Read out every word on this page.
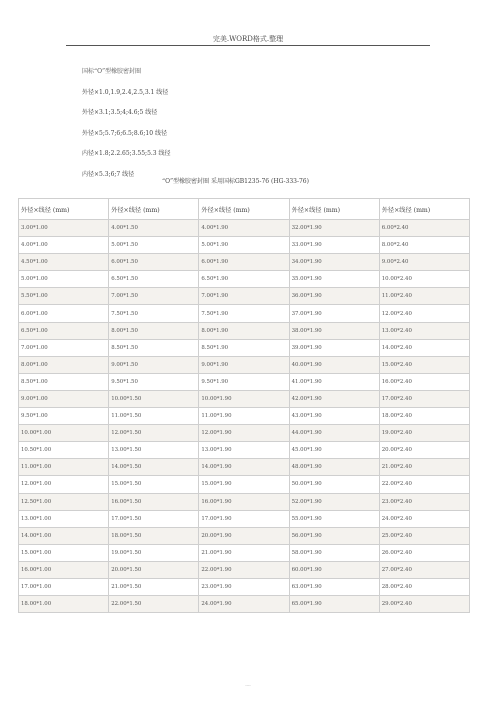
完美.WORD格式.整理
国标“O”型橡胶密封圈
外径×1.0,1.9,2.4,2.5,3.1 线径
外径×3.1;3.5;4;4.6;5 线径
外径×5;5.7;6;6.5;8.6;10 线径
内径×1.8;2.2.65;3.55;5.3 线径
内径×5.3;6;7 线径
“O”型橡胶密封圈 采用国标GB1235-76 (HG-333-76)
外径×线径 (mm)	外径×线径 (mm)	外径×线径 (mm)	外径×线径 (mm)	外径×线径 (mm)
3.00*1.00	4.00*1.50	4.00*1.90	32.00*1.90	6.00*2.40
4.00*1.00	5.00*1.50	5.00*1.90	33.00*1.90	8.00*2.40
4.50*1.00	6.00*1.50	6.00*1.90	34.00*1.90	9.00*2.40
5.00*1.00	6.50*1.50	6.50*1.90	35.00*1.90	10.00*2.40
5.50*1.00	7.00*1.50	7.00*1.90	36.00*1.90	11.00*2.40
6.00*1.00	7.50*1.50	7.50*1.90	37.00*1.90	12.00*2.40
6.50*1.00	8.00*1.50	8.00*1.90	38.00*1.90	13.00*2.40
7.00*1.00	8.50*1.50	8.50*1.90	39.00*1.90	14.00*2.40
8.00*1.00	9.00*1.50	9.00*1.90	40.00*1.90	15.00*2.40
8.50*1.00	9.50*1.50	9.50*1.90	41.00*1.90	16.00*2.40
9.00*1.00	10.00*1.50	10.00*1.90	42.00*1.90	17.00*2.40
9.50*1.00	11.00*1.50	11.00*1.90	43.00*1.90	18.00*2.40
10.00*1.00	12.00*1.50	12.00*1.90	44.00*1.90	19.00*2.40
10.50*1.00	13.00*1.50	13.00*1.90	45.00*1.90	20.00*2.40
11.00*1.00	14.00*1.50	14.00*1.90	48.00*1.90	21.00*2.40
12.00*1.00	15.00*1.50	15.00*1.90	50.00*1.90	22.00*2.40
12.50*1.00	16.00*1.50	16.00*1.90	52.00*1.90	23.00*2.40
13.00*1.00	17.00*1.50	17.00*1.90	55.00*1.90	24.00*2.40
14.00*1.00	18.00*1.50	20.00*1.90	56.00*1.90	25.00*2.40
15.00*1.00	19.00*1.50	21.00*1.90	58.00*1.90	26.00*2.40
16.00*1.00	20.00*1.50	22.00*1.90	60.00*1.90	27.00*2.40
17.00*1.00	21.00*1.50	23.00*1.90	63.00*1.90	28.00*2.40
18.00*1.00	22.00*1.50	24.00*1.90	65.00*1.90	29.00*2.40
----
